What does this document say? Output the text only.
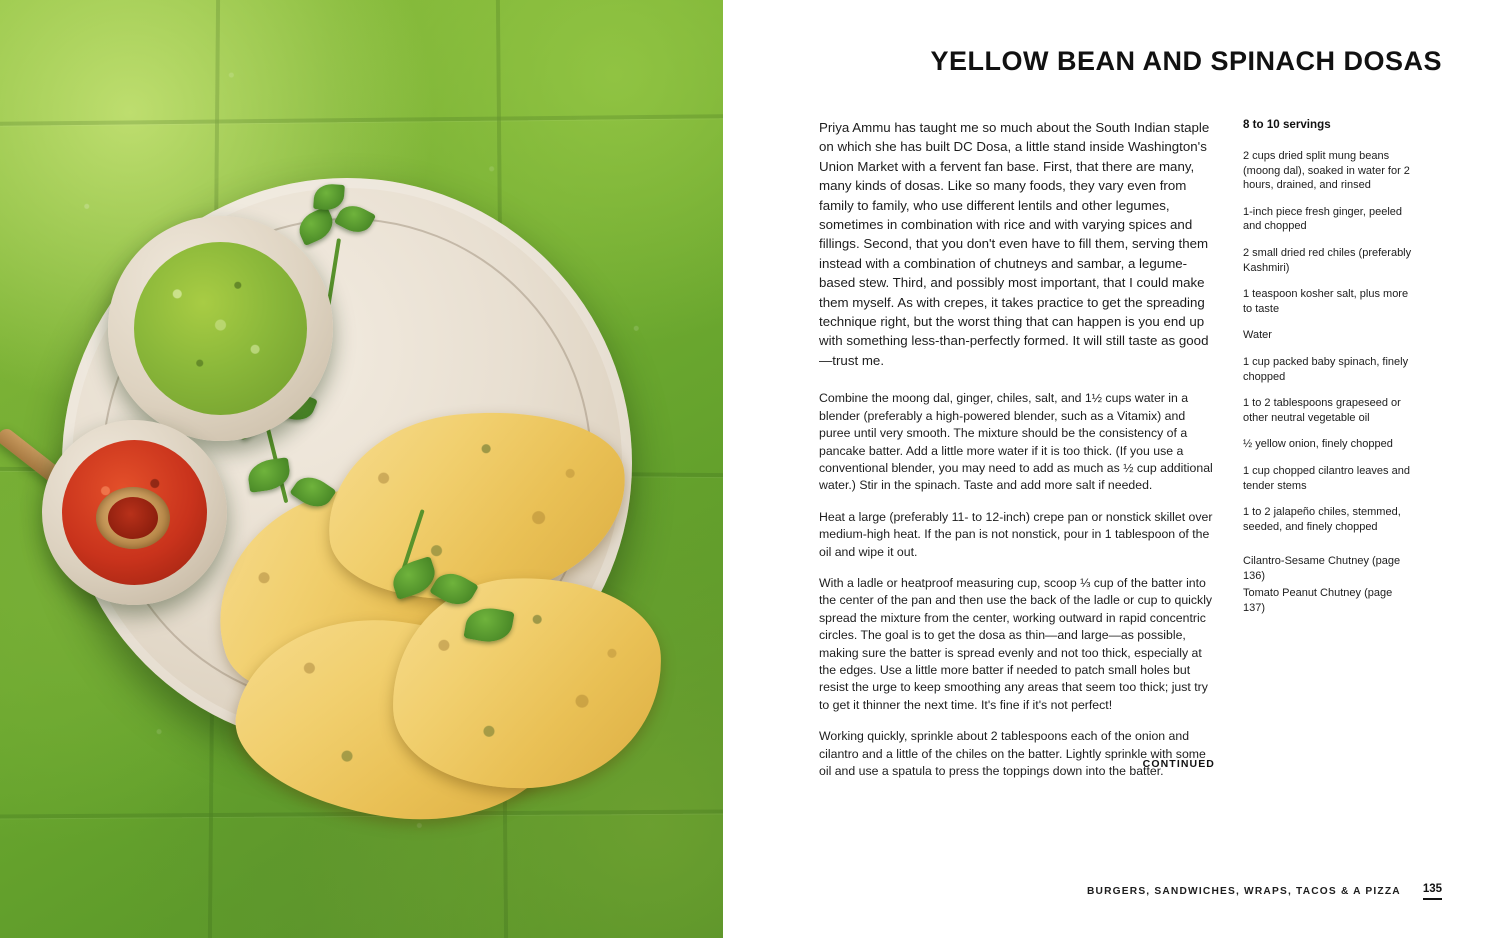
YELLOW BEAN AND SPINACH DOSAS

Priya Ammu has taught me so much about the South Indian staple on which she has built DC Dosa, a little stand inside Washington's Union Market with a fervent fan base. First, that there are many, many kinds of dosas. Like so many foods, they vary even from family to family, who use different lentils and other legumes, sometimes in combination with rice and with varying spices and fillings. Second, that you don't even have to fill them, serving them instead with a combination of chutneys and sambar, a legume-based stew. Third, and possibly most important, that I could make them myself. As with crepes, it takes practice to get the spreading technique right, but the worst thing that can happen is you end up with something less-than-perfectly formed. It will still taste as good—trust me.

Combine the moong dal, ginger, chiles, salt, and 1½ cups water in a blender (preferably a high-powered blender, such as a Vitamix) and puree until very smooth. The mixture should be the consistency of a pancake batter. Add a little more water if it is too thick. (If you use a conventional blender, you may need to add as much as ½ cup additional water.) Stir in the spinach. Taste and add more salt if needed.

Heat a large (preferably 11- to 12-inch) crepe pan or nonstick skillet over medium-high heat. If the pan is not nonstick, pour in 1 tablespoon of the oil and wipe it out.

With a ladle or heatproof measuring cup, scoop ⅓ cup of the batter into the center of the pan and then use the back of the ladle or cup to quickly spread the mixture from the center, working outward in rapid concentric circles. The goal is to get the dosa as thin—and large—as possible, making sure the batter is spread evenly and not too thick, especially at the edges. Use a little more batter if needed to patch small holes but resist the urge to keep smoothing any areas that seem too thick; just try to get it thinner the next time. It's fine if it's not perfect!

Working quickly, sprinkle about 2 tablespoons each of the onion and cilantro and a little of the chiles on the batter. Lightly sprinkle with some oil and use a spatula to press the toppings down into the batter.

8 to 10 servings
2 cups dried split mung beans (moong dal), soaked in water for 2 hours, drained, and rinsed
1-inch piece fresh ginger, peeled and chopped
2 small dried red chiles (preferably Kashmiri)
1 teaspoon kosher salt, plus more to taste
Water
1 cup packed baby spinach, finely chopped
1 to 2 tablespoons grapeseed or other neutral vegetable oil
½ yellow onion, finely chopped
1 cup chopped cilantro leaves and tender stems
1 to 2 jalapeño chiles, stemmed, seeded, and finely chopped
Cilantro-Sesame Chutney (page 136)
Tomato Peanut Chutney (page 137)
CONTINUED
BURGERS, SANDWICHES, WRAPS, TACOS & A PIZZA 135
